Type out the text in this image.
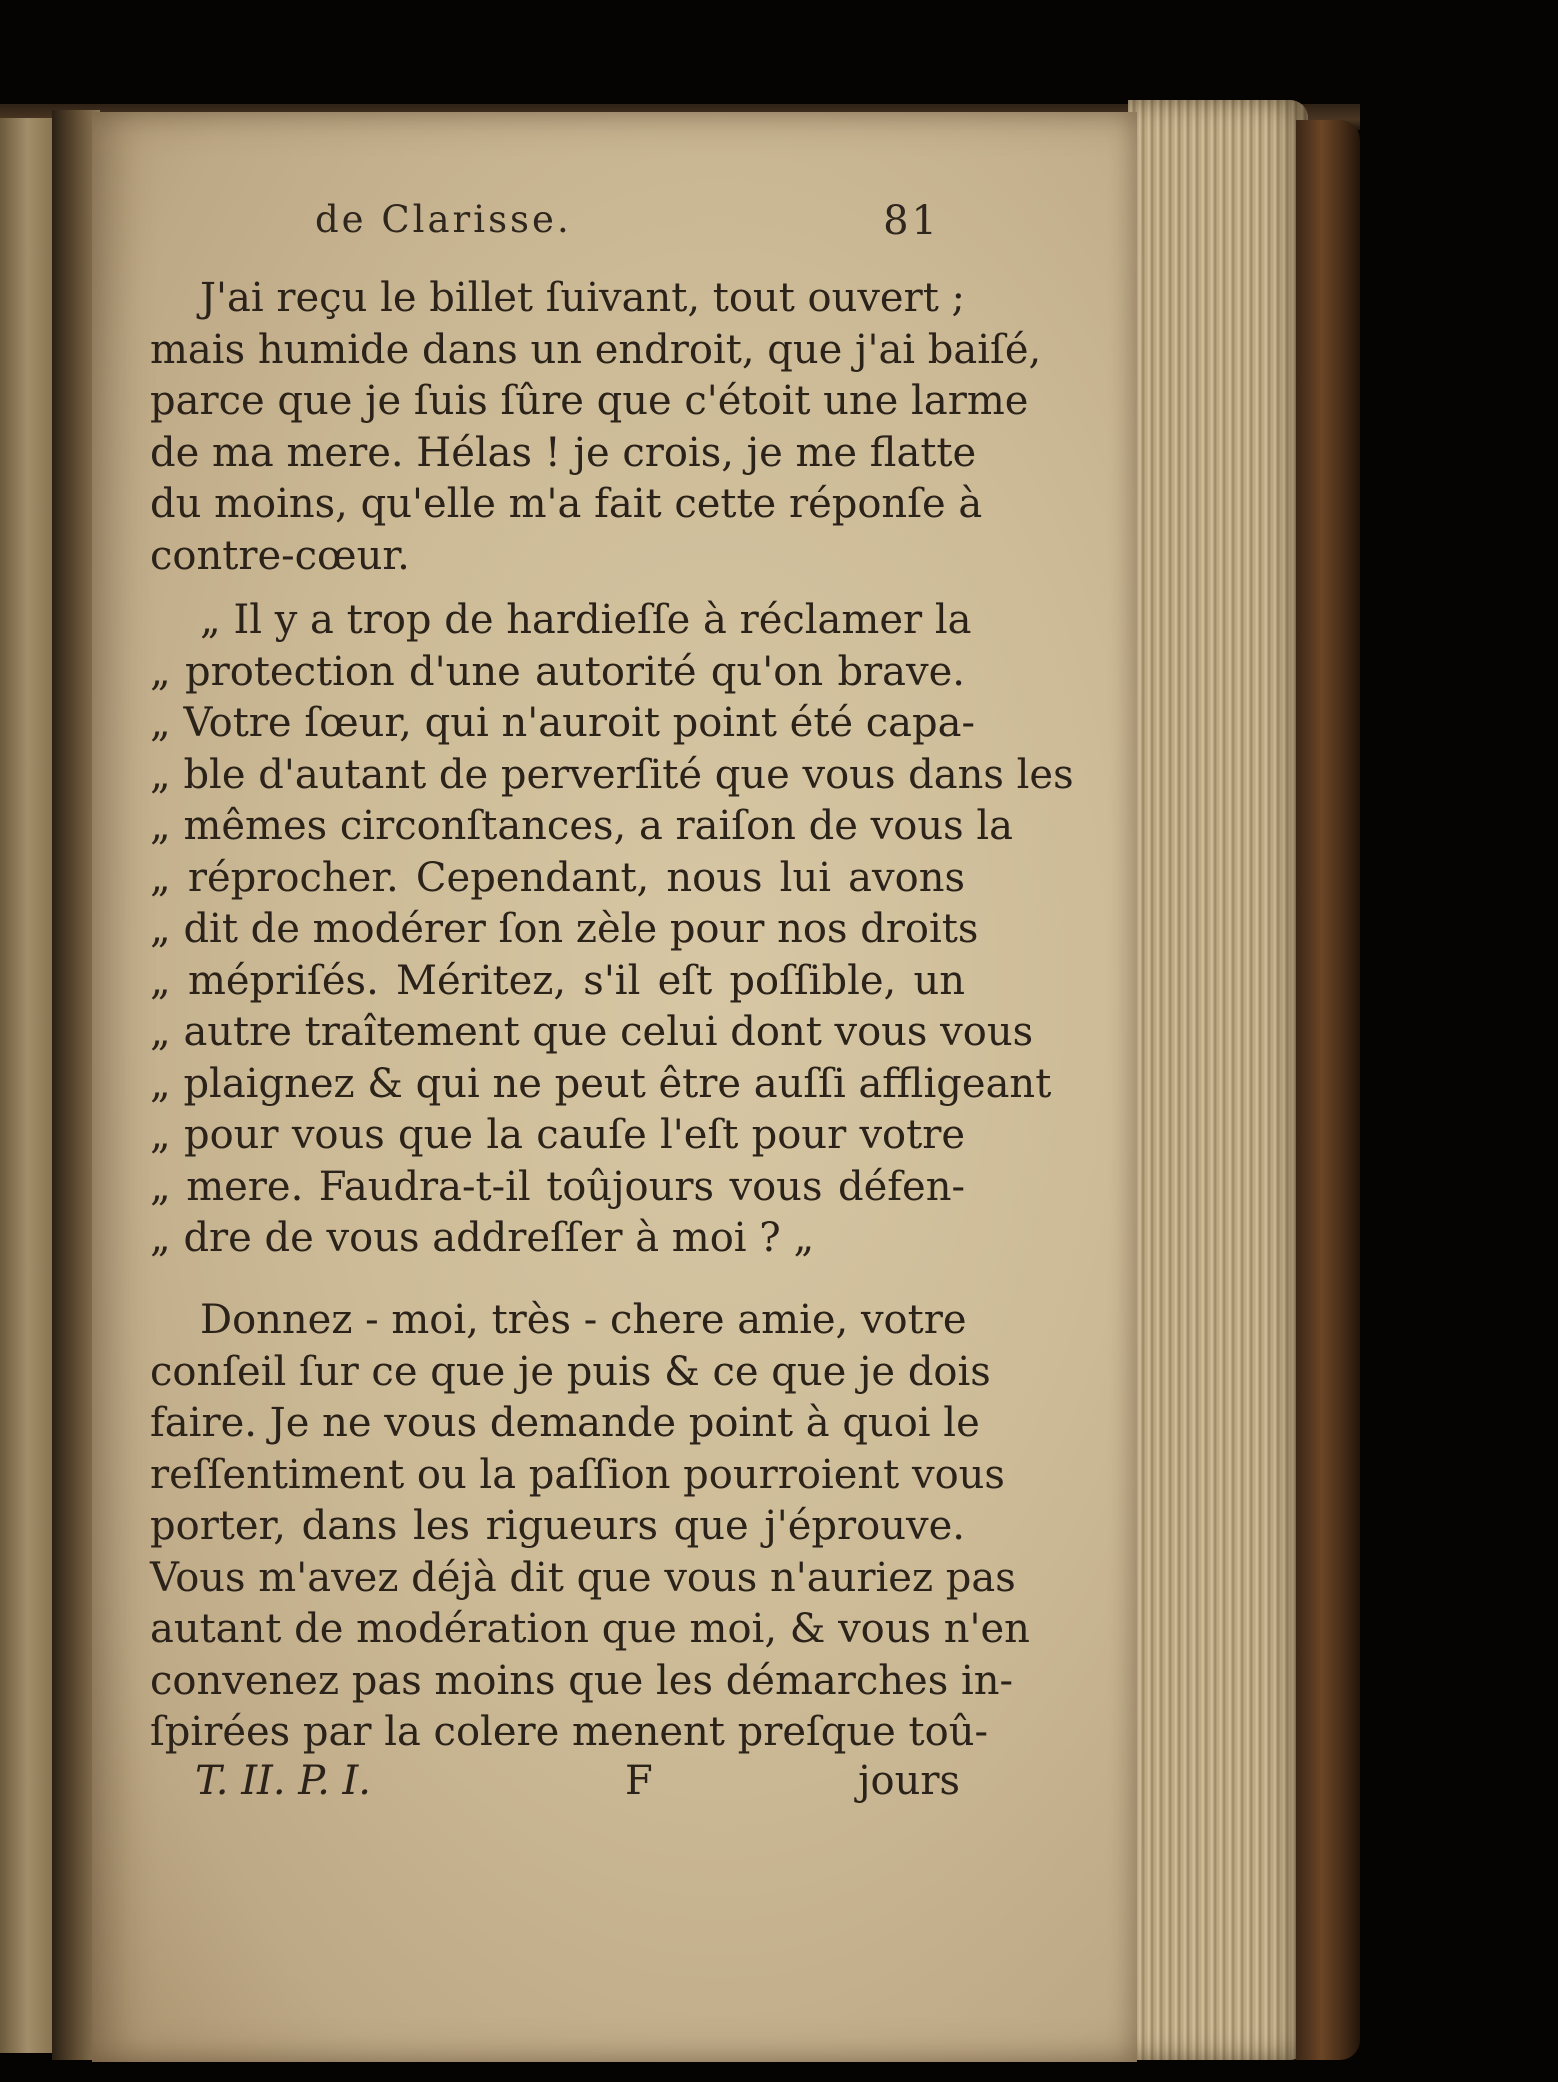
de Clarisse.	81
J'ai reçu le billet ſuivant, tout ouvert ;
mais humide dans un endroit, que j'ai baiſé,
parce que je ſuis ſûre que c'étoit une larme
de ma mere. Hélas ! je crois, je me flatte
du moins, qu'elle m'a fait cette réponſe à
contre-cœur.
„ Il y a trop de hardieſſe à réclamer la
„ protection d'une autorité qu'on brave.
„ Votre ſœur, qui n'auroit point été capa-
„ ble d'autant de perverſité que vous dans les
„ mêmes circonſtances, a raiſon de vous la
„ réprocher. Cependant, nous lui avons
„ dit de modérer ſon zèle pour nos droits
„ mépriſés. Méritez, s'il eſt poſſible, un
„ autre traîtement que celui dont vous vous
„ plaignez & qui ne peut être auſſi affligeant
„ pour vous que la cauſe l'eſt pour votre
„ mere. Faudra-t-il toûjours vous défen-
„ dre de vous addreſſer à moi ? „
Donnez - moi, très - chere amie, votre
conſeil ſur ce que je puis & ce que je dois
faire. Je ne vous demande point à quoi le
reſſentiment ou la paſſion pourroient vous
porter, dans les rigueurs que j'éprouve.
Vous m'avez déjà dit que vous n'auriez pas
autant de modération que moi, & vous n'en
convenez pas moins que les démarches in-
ſpirées par la colere menent preſque toû-
T. II. P. I.	F	jours
